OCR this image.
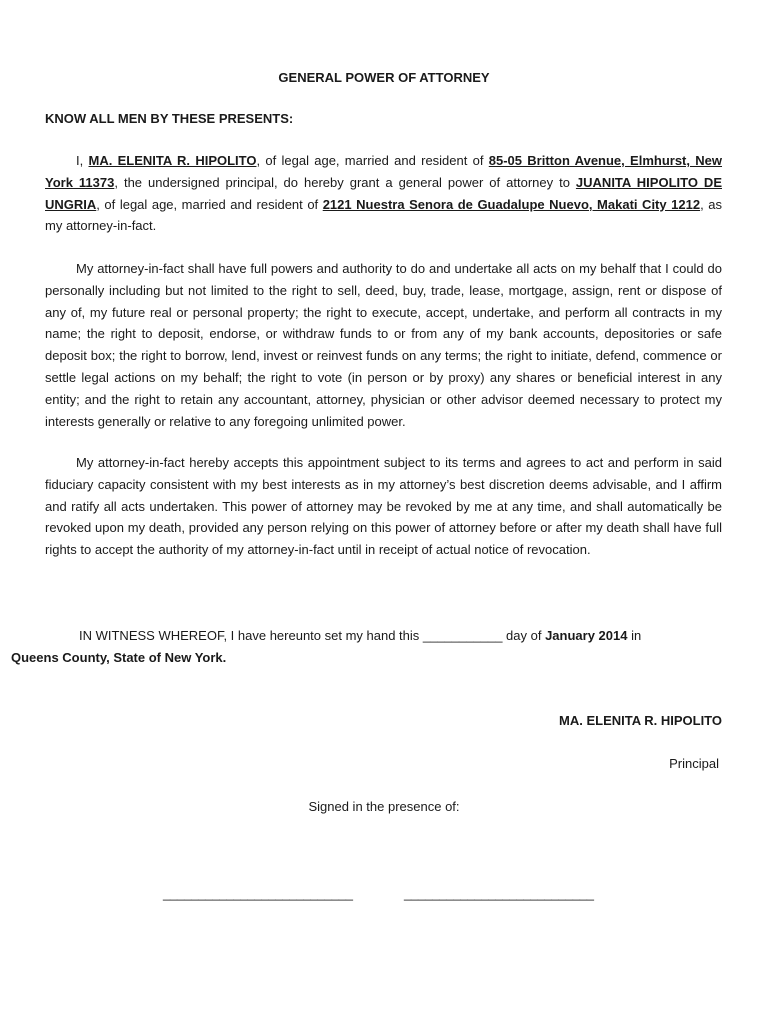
GENERAL POWER OF ATTORNEY
KNOW ALL MEN BY THESE PRESENTS:

I, MA. ELENITA R. HIPOLITO, of legal age, married and resident of 85-05 Britton Avenue, Elmhurst, New York 11373, the undersigned principal, do hereby grant a general power of attorney to JUANITA HIPOLITO DE UNGRIA, of legal age, married and resident of 2121 Nuestra Senora de Guadalupe Nuevo, Makati City 1212, as my attorney-in-fact.

My attorney-in-fact shall have full powers and authority to do and undertake all acts on my behalf that I could do personally including but not limited to the right to sell, deed, buy, trade, lease, mortgage, assign, rent or dispose of any of, my future real or personal property; the right to execute, accept, undertake, and perform all contracts in my name; the right to deposit, endorse, or withdraw funds to or from any of my bank accounts, depositories or safe deposit box; the right to borrow, lend, invest or reinvest funds on any terms; the right to initiate, defend, commence or settle legal actions on my behalf; the right to vote (in person or by proxy) any shares or beneficial interest in any entity; and the right to retain any accountant, attorney, physician or other advisor deemed necessary to protect my interests generally or relative to any foregoing unlimited power.

My attorney-in-fact hereby accepts this appointment subject to its terms and agrees to act and perform in said fiduciary capacity consistent with my best interests as in my attorney’s best discretion deems advisable, and I affirm and ratify all acts undertaken. This power of attorney may be revoked by me at any time, and shall automatically be revoked upon my death, provided any person relying on this power of attorney before or after my death shall have full rights to accept the authority of my attorney-in-fact until in receipt of actual notice of revocation.

IN WITNESS WHEREOF, I have hereunto set my hand this ___________ day of January 2014 in
Queens County, State of New York.

MA. ELENITA R. HIPOLITO
Principal
Signed in the presence of:
___________________________	___________________________
